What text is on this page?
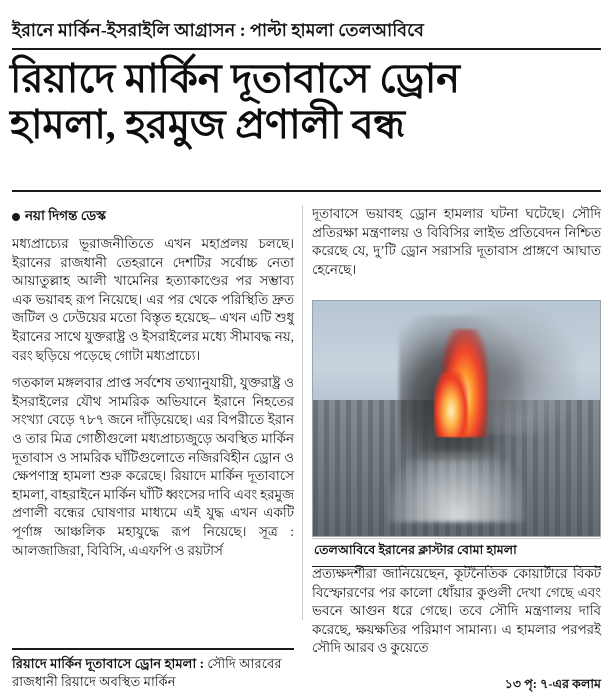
ইরানে মার্কিন-ইসরাইলি আগ্রাসন : পাল্টা হামলা তেলআবিবে
রিয়াদে মার্কিন দূতাবাসে ড্রোন
হামলা, হরমুজ প্রণালী বন্ধ
নয়া দিগন্ত ডেস্ক

মধ্যপ্রাচ্যের ভূরাজনীতিতে এখন মহাপ্রলয় চলছে। ইরানের রাজধানী তেহরানে দেশটির সর্বোচ্চ নেতা আয়াতুল্লাহ আলী খামেনির হত্যাকাণ্ডের পর সম্ভাব্য এক ভয়াবহ রূপ নিয়েছে। এর পর থেকে পরিস্থিতি দ্রুত জটিল ও ঢেউয়ের মতো বিস্তৃত হয়েছে– এখন এটি শুধু ইরানের সাথে যুক্তরাষ্ট্র ও ইসরাইলের মধ্যে সীমাবদ্ধ নয়, বরং ছড়িয়ে পড়েছে গোটা মধ্যপ্রাচ্যে।

গতকাল মঙ্গলবার প্রাপ্ত সর্বশেষ তথ্যানুযায়ী, যুক্তরাষ্ট্র ও ইসরাইলের যৌথ সামরিক অভিযানে ইরানে নিহতের সংখ্যা বেড়ে ৭৮৭ জনে দাঁড়িয়েছে। এর বিপরীতে ইরান ও তার মিত্র গোষ্ঠীগুলো মধ্যপ্রাচ্যজুড়ে অবস্থিত মার্কিন দূতাবাস ও সামরিক ঘাঁটিগুলোতে নজিরবিহীন ড্রোন ও ক্ষেপণাস্ত্র হামলা শুরু করেছে। রিয়াদে মার্কিন দূতাবাসে হামলা, বাহরাইনে মার্কিন ঘাঁটি ধ্বংসের দাবি এবং হরমুজ প্রণালী বন্ধের ঘোষণার মাধ্যমে এই যুদ্ধ এখন একটি পূর্ণাঙ্গ আঞ্চলিক মহাযুদ্ধে রূপ নিয়েছে। সূত্র : আলজাজিরা, বিবিসি, এএফপি ও রয়টার্স

দূতাবাসে ভয়াবহ ড্রোন হামলার ঘটনা ঘটেছে। সৌদি প্রতিরক্ষা মন্ত্রণালয় ও বিবিসির লাইভ প্রতিবেদন নিশ্চিত করেছে যে, দু’টি ড্রোন সরাসরি দূতাবাস প্রাঙ্গণে আঘাত হেনেছে।

তেলআবিবে ইরানের ক্লাস্টার বোমা হামলা

প্রত্যক্ষদর্শীরা জানিয়েছেন, কূটনৈতিক কোয়ার্টারে বিকট বিস্ফোরণের পর কালো ধোঁয়ার কুণ্ডলী দেখা গেছে এবং ভবনে আগুন ধরে গেছে। তবে সৌদি মন্ত্রণালয় দাবি করেছে, ক্ষয়ক্ষতির পরিমাণ সামান্য। এ হামলার পরপরই সৌদি আরব ও কুয়েতে

রিয়াদে মার্কিন দূতাবাসে ড্রোন হামলা : সৌদি আরবের রাজধানী রিয়াদে অবস্থিত মার্কিন	১৩ পৃ: ৭-এর কলাম
